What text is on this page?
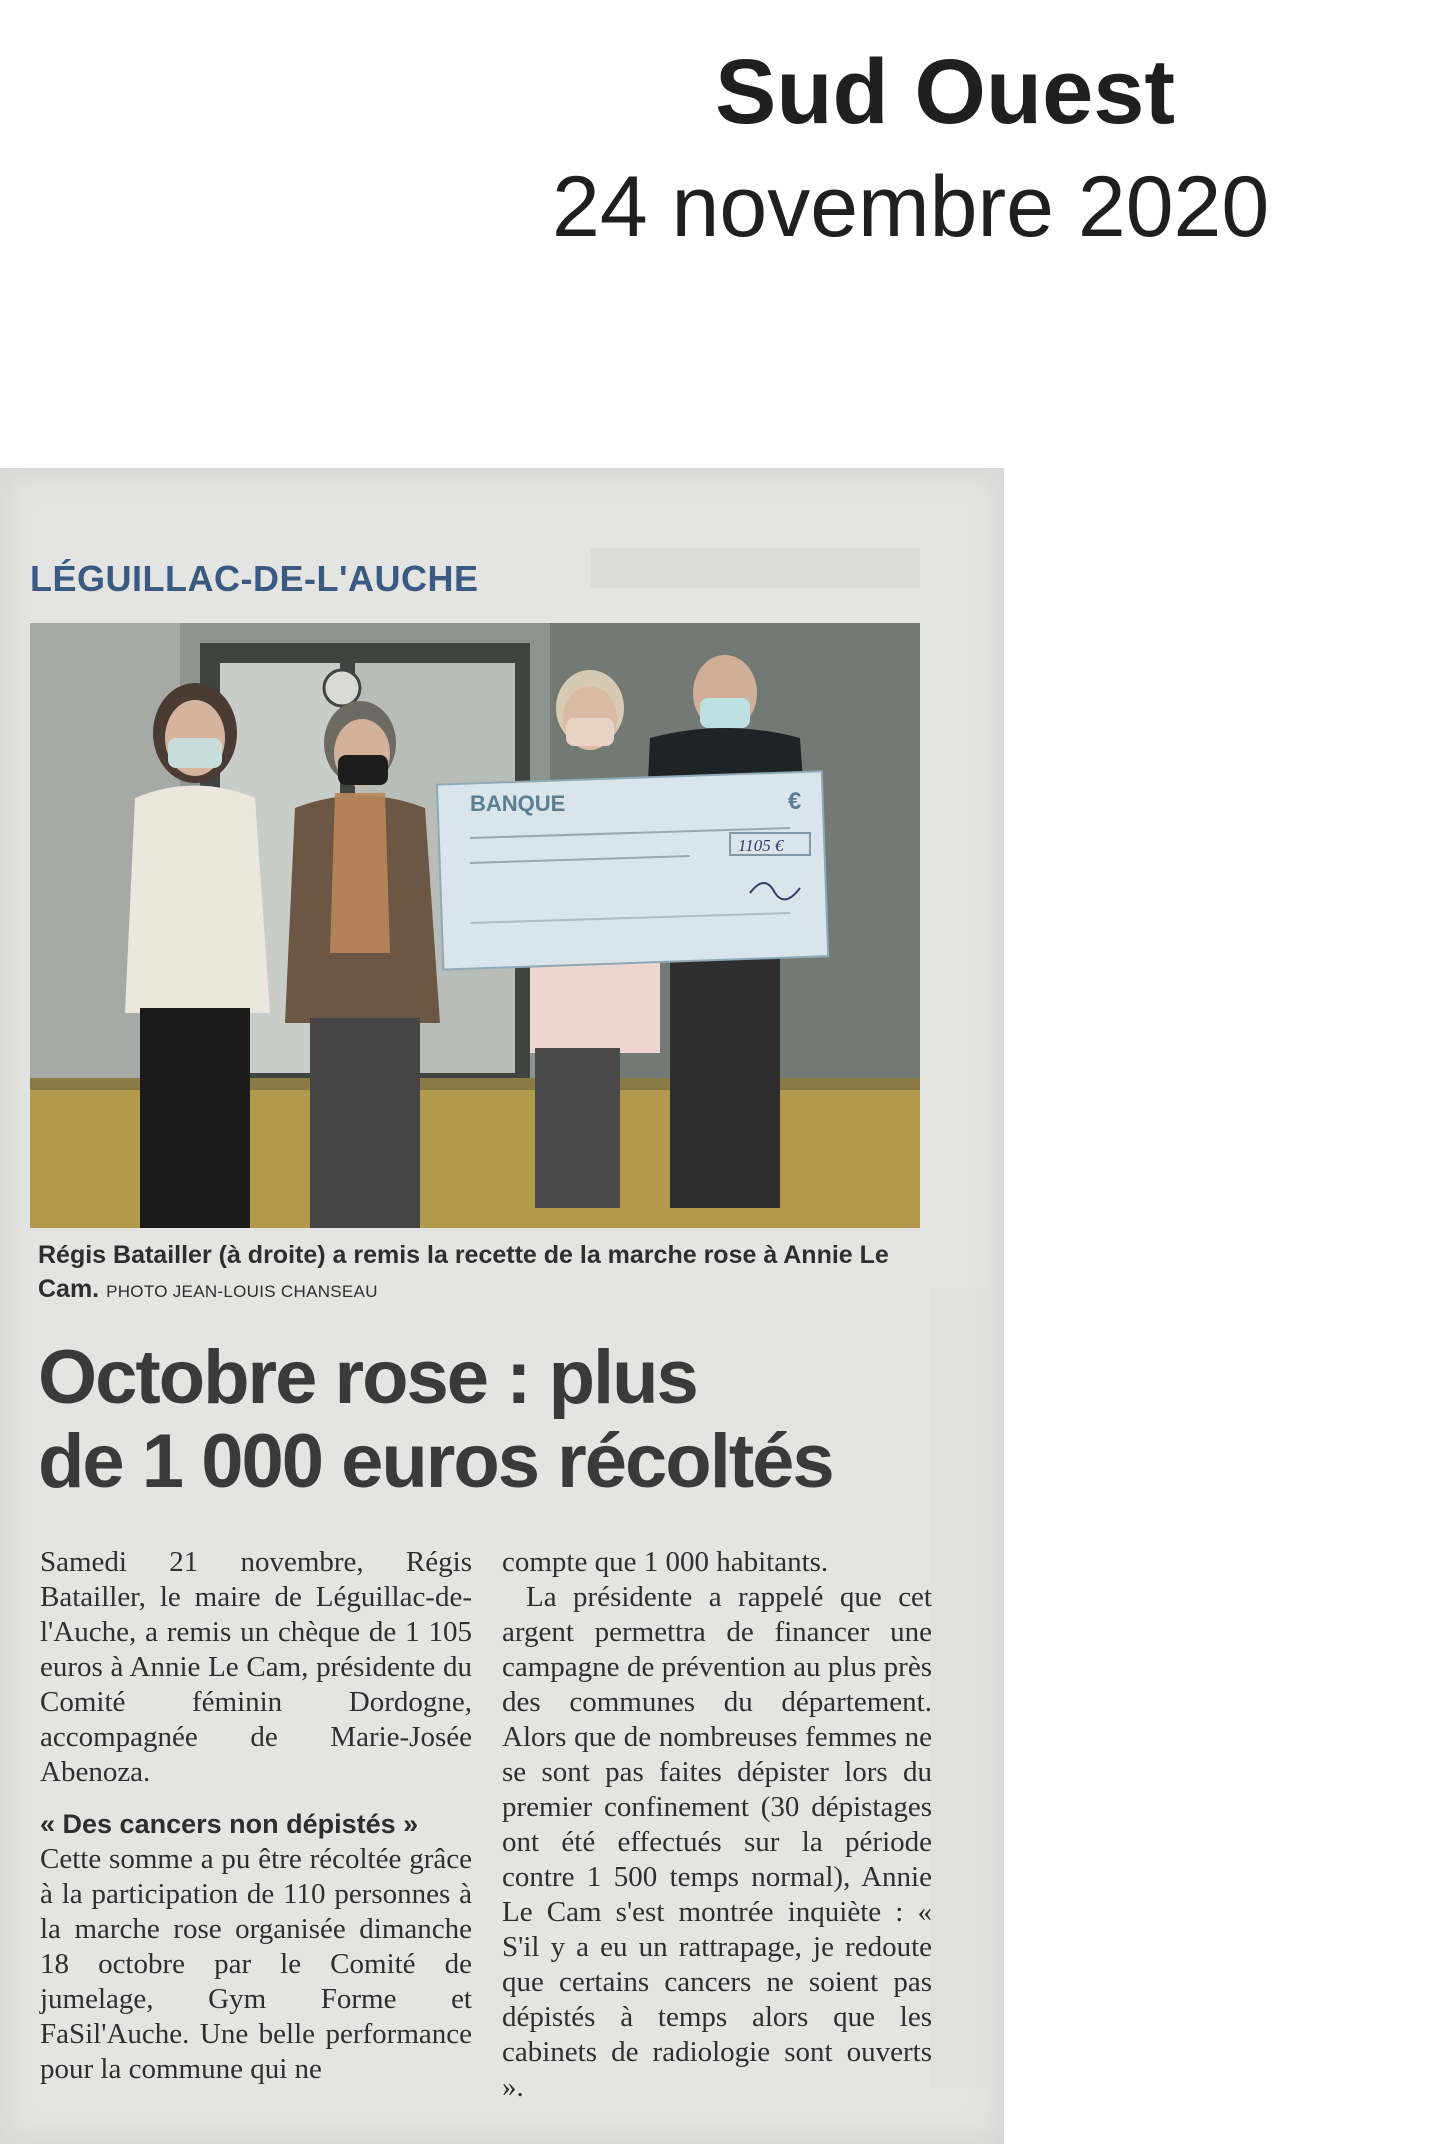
Sud Ouest
24 novembre 2020
LÉGUILLAC-DE-L'AUCHE
BANQUE	€
1105 €
Régis Batailler (à droite) a remis la recette de la marche rose à Annie Le Cam. PHOTO JEAN-LOUIS CHANSEAU
Octobre rose : plus
de 1 000 euros récoltés

Samedi 21 novembre, Régis Batailler, le maire de Léguillac-de-l'Auche, a remis un chèque de 1 105 euros à Annie Le Cam, présidente du Comité féminin Dordogne, accompagnée de Marie-Josée Abenoza.

« Des cancers non dépistés »

Cette somme a pu être récoltée grâce à la participation de 110 personnes à la marche rose organisée dimanche 18 octobre par le Comité de jumelage, Gym Forme et FaSil'Auche. Une belle performance pour la commune qui ne

compte que 1 000 habitants.

La présidente a rappelé que cet argent permettra de financer une campagne de prévention au plus près des communes du département. Alors que de nombreuses femmes ne se sont pas faites dépister lors du premier confinement (30 dépistages ont été effectués sur la période contre 1 500 temps normal), Annie Le Cam s'est montrée inquiète : « S'il y a eu un rattrapage, je redoute que certains cancers ne soient pas dépistés à temps alors que les cabinets de radiologie sont ouverts ».
